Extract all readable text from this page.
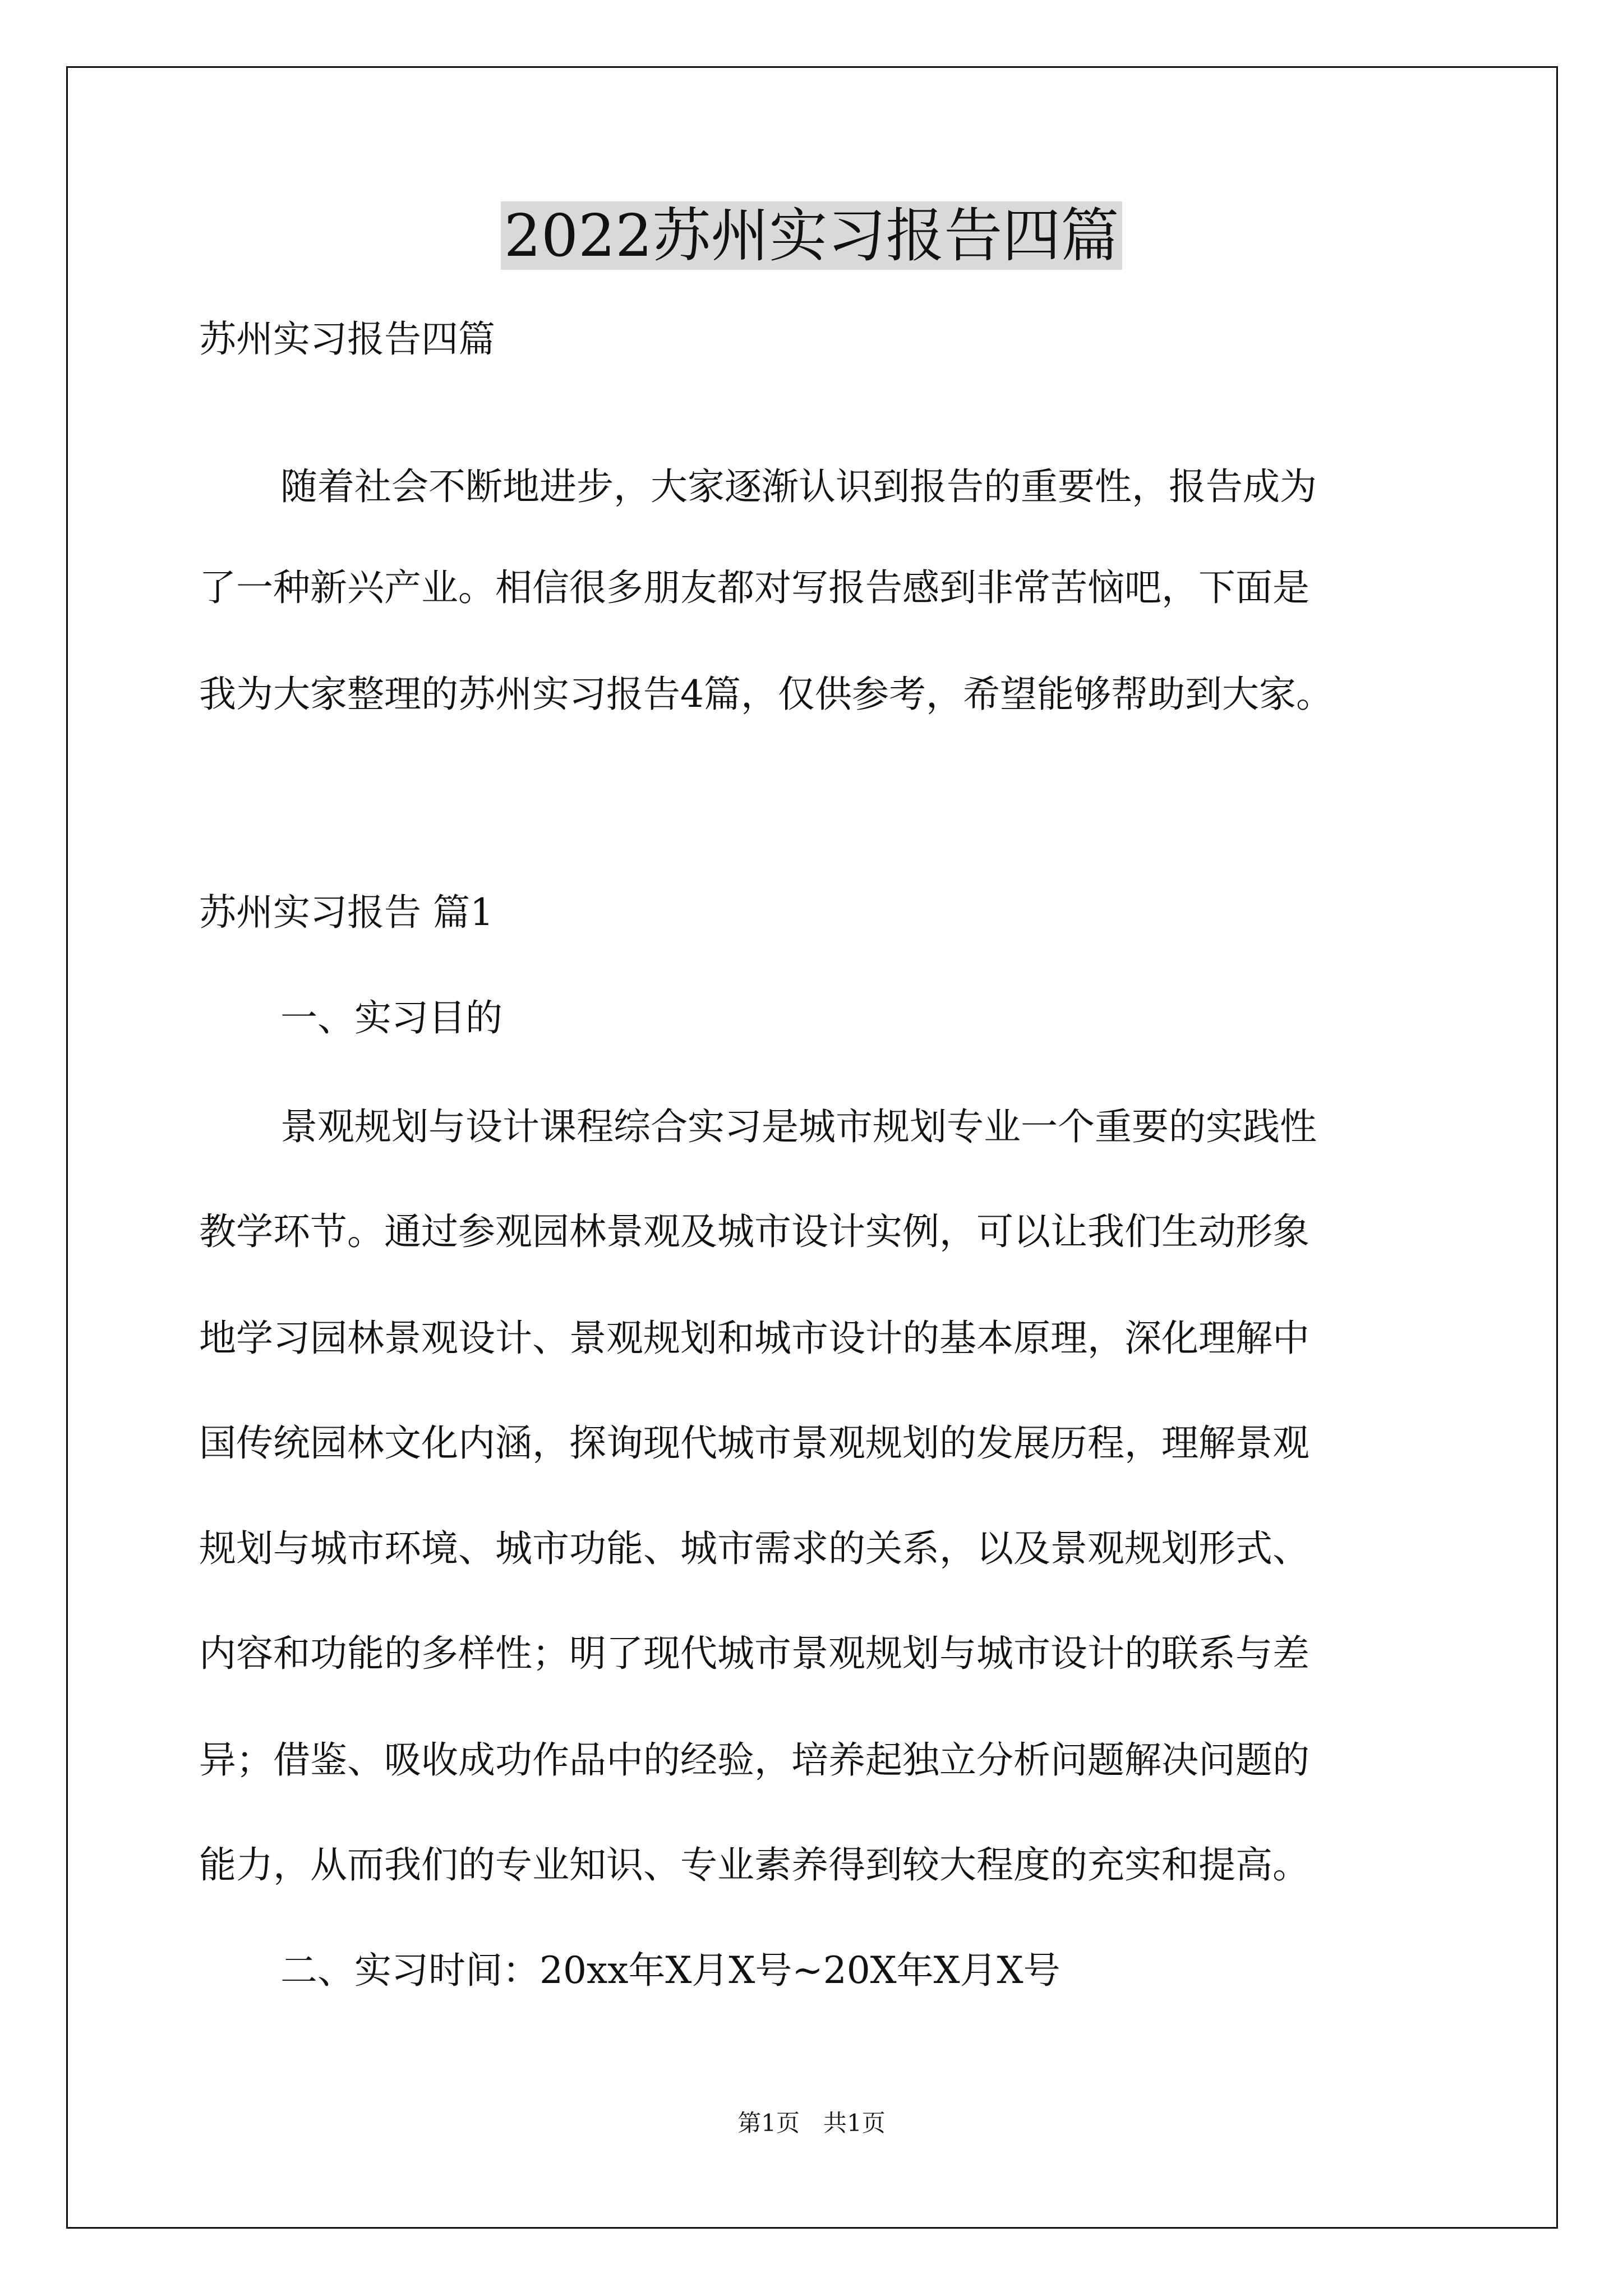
2022苏州实习报告四篇
苏州实习报告四篇
随着社会不断地进步，大家逐渐认识到报告的重要性，报告成为
了一种新兴产业。相信很多朋友都对写报告感到非常苦恼吧，下面是
我为大家整理的苏州实习报告4篇，仅供参考，希望能够帮助到大家。
苏州实习报告 篇1
一、实习目的
景观规划与设计课程综合实习是城市规划专业一个重要的实践性
教学环节。通过参观园林景观及城市设计实例，可以让我们生动形象
地学习园林景观设计、景观规划和城市设计的基本原理，深化理解中
国传统园林文化内涵，探询现代城市景观规划的发展历程，理解景观
规划与城市环境、城市功能、城市需求的关系，以及景观规划形式、
内容和功能的多样性；明了现代城市景观规划与城市设计的联系与差
异；借鉴、吸收成功作品中的经验，培养起独立分析问题解决问题的
能力，从而我们的专业知识、专业素养得到较大程度的充实和提高。
二、实习时间：20xx年X月X号~20X年X月X号
第1页　共1页
